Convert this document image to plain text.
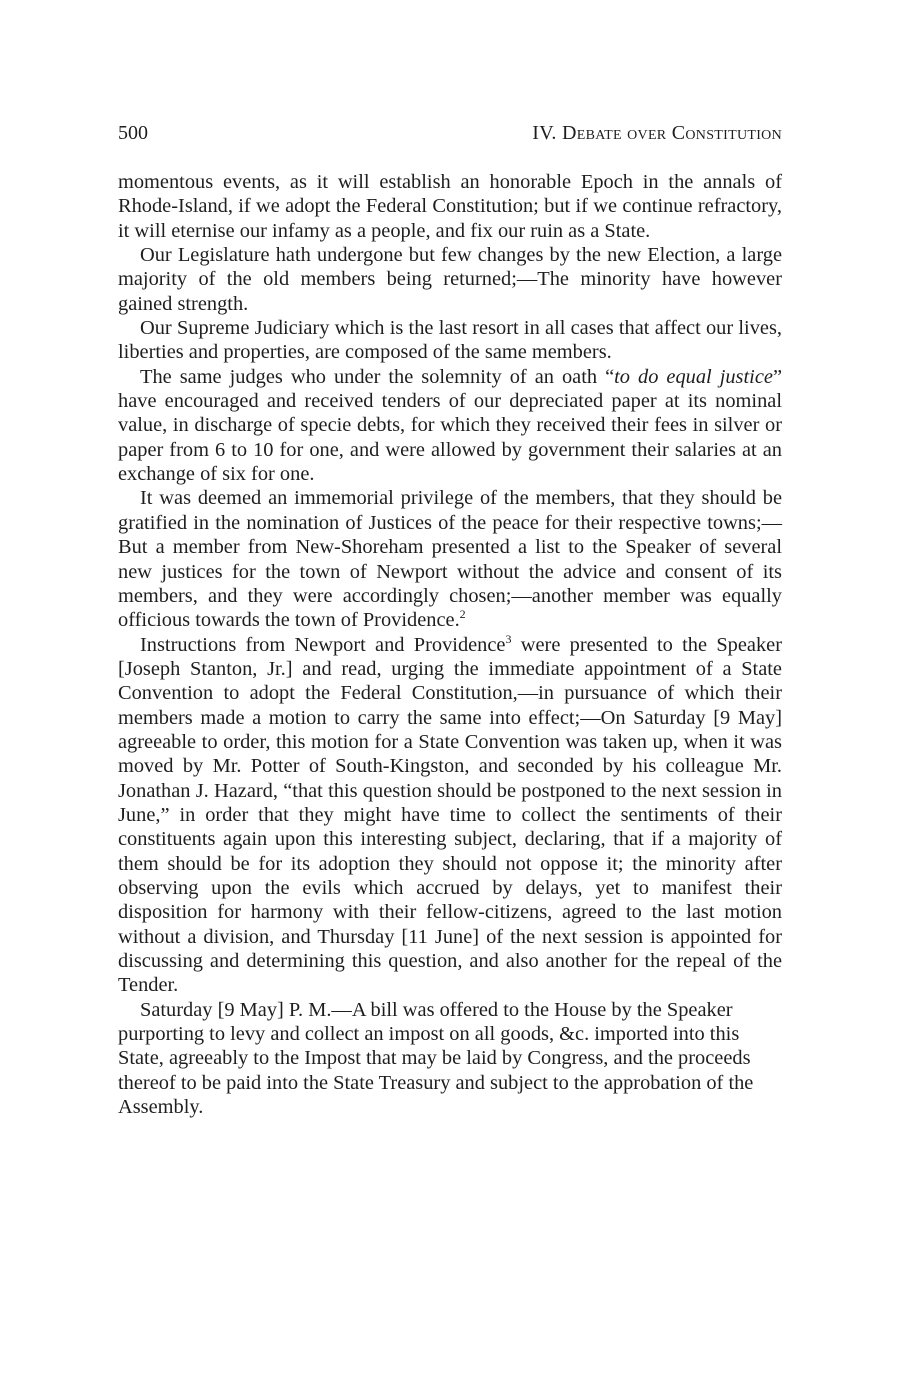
500	IV. Debate over Constitution

momentous events, as it will establish an honorable Epoch in the annals of Rhode-Island, if we adopt the Federal Constitution; but if we continue refractory, it will eternise our infamy as a people, and fix our ruin as a State.

Our Legislature hath undergone but few changes by the new Election, a large majority of the old members being returned;—The minority have however gained strength.

Our Supreme Judiciary which is the last resort in all cases that affect our lives, liberties and properties, are composed of the same members.

The same judges who under the solemnity of an oath “to do equal justice” have encouraged and received tenders of our depreciated paper at its nominal value, in discharge of specie debts, for which they received their fees in silver or paper from 6 to 10 for one, and were allowed by government their salaries at an exchange of six for one.

It was deemed an immemorial privilege of the members, that they should be gratified in the nomination of Justices of the peace for their respective towns;—But a member from New-Shoreham presented a list to the Speaker of several new justices for the town of Newport without the advice and consent of its members, and they were accordingly chosen;—another member was equally officious towards the town of Providence.$^2$

Instructions from Newport and Providence$^3$ were presented to the Speaker [Joseph Stanton, Jr.] and read, urging the immediate appointment of a State Convention to adopt the Federal Constitution,—in pursuance of which their members made a motion to carry the same into effect;—On Saturday [9 May] agreeable to order, this motion for a State Convention was taken up, when it was moved by Mr. Potter of South-Kingston, and seconded by his colleague Mr. Jonathan J. Hazard, “that this question should be postponed to the next session in June,” in order that they might have time to collect the sentiments of their constituents again upon this interesting subject, declaring, that if a majority of them should be for its adoption they should not oppose it; the minority after observing upon the evils which accrued by delays, yet to manifest their disposition for harmony with their fellow-citizens, agreed to the last motion without a division, and Thursday [11 June] of the next session is appointed for discussing and determining this question, and also another for the repeal of the Tender.

Saturday [9 May] P. M.—A bill was offered to the House by the Speaker purporting to levy and collect an impost on all goods, &c. imported into this State, agreeably to the Impost that may be laid by Congress, and the proceeds thereof to be paid into the State Treasury and subject to the approbation of the Assembly.
